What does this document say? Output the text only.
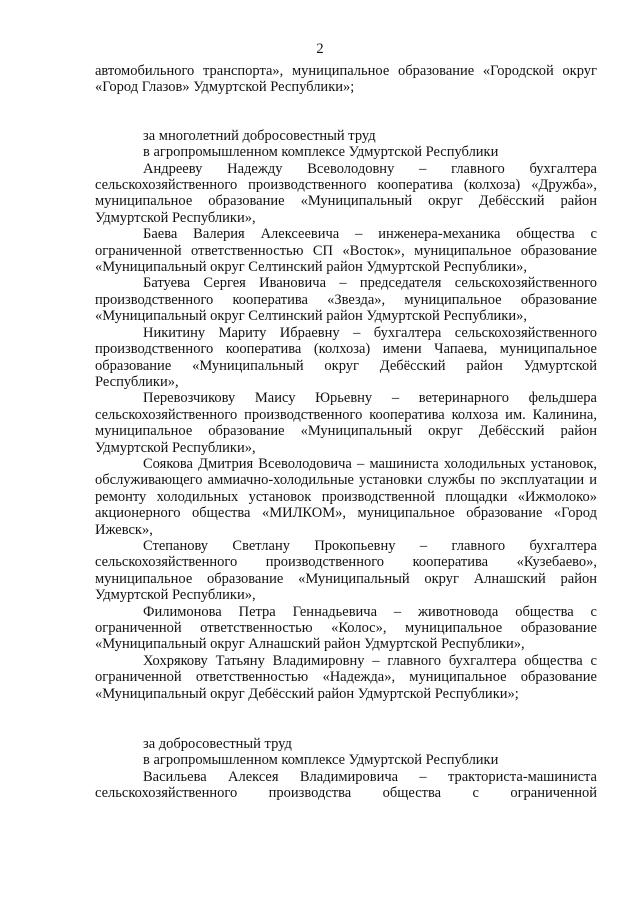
2

автомобильного транспорта», муниципальное образование «Городской округ «Город Глазов» Удмуртской Республики»;

за многолетний добросовестный труд

в агропромышленном комплексе Удмуртской Республики

Андрееву Надежду Всеволодовну – главного бухгалтера сельскохозяйственного производственного кооператива (колхоза) «Дружба», муниципальное образование «Муниципальный округ Дебёсский район Удмуртской Республики»,

Баева Валерия Алексеевича – инженера-механика общества с ограниченной ответственностью СП «Восток», муниципальное образование «Муниципальный округ Селтинский район Удмуртской Республики»,

Батуева Сергея Ивановича – председателя сельскохозяйственного производственного кооператива «Звезда», муниципальное образование «Муниципальный округ Селтинский район Удмуртской Республики»,

Никитину Мариту Ибраевну – бухгалтера сельскохозяйственного производственного кооператива (колхоза) имени Чапаева, муниципальное образование «Муниципальный округ Дебёсский район Удмуртской Республики»,

Перевозчикову Маису Юрьевну – ветеринарного фельдшера сельскохозяйственного производственного кооператива колхоза им. Калинина, муниципальное образование «Муниципальный округ Дебёсский район Удмуртской Республики»,

Соякова Дмитрия Всеволодовича – машиниста холодильных установок, обслуживающего аммиачно-холодильные установки службы по эксплуатации и ремонту холодильных установок производственной площадки «Ижмолоко» акционерного общества «МИЛКОМ», муниципальное образование «Город Ижевск»,

Степанову Светлану Прокопьевну – главного бухгалтера сельскохозяйственного производственного кооператива «Кузебаево», муниципальное образование «Муниципальный округ Алнашский район Удмуртской Республики»,

Филимонова Петра Геннадьевича – животновода общества с ограниченной ответственностью «Колос», муниципальное образование «Муниципальный округ Алнашский район Удмуртской Республики»,

Хохрякову Татьяну Владимировну – главного бухгалтера общества с ограниченной ответственностью «Надежда», муниципальное образование «Муниципальный округ Дебёсский район Удмуртской Республики»;

за добросовестный труд

в агропромышленном комплексе Удмуртской Республики

Васильева Алексея Владимировича – тракториста-машиниста сельскохозяйственного производства общества с ограниченной
